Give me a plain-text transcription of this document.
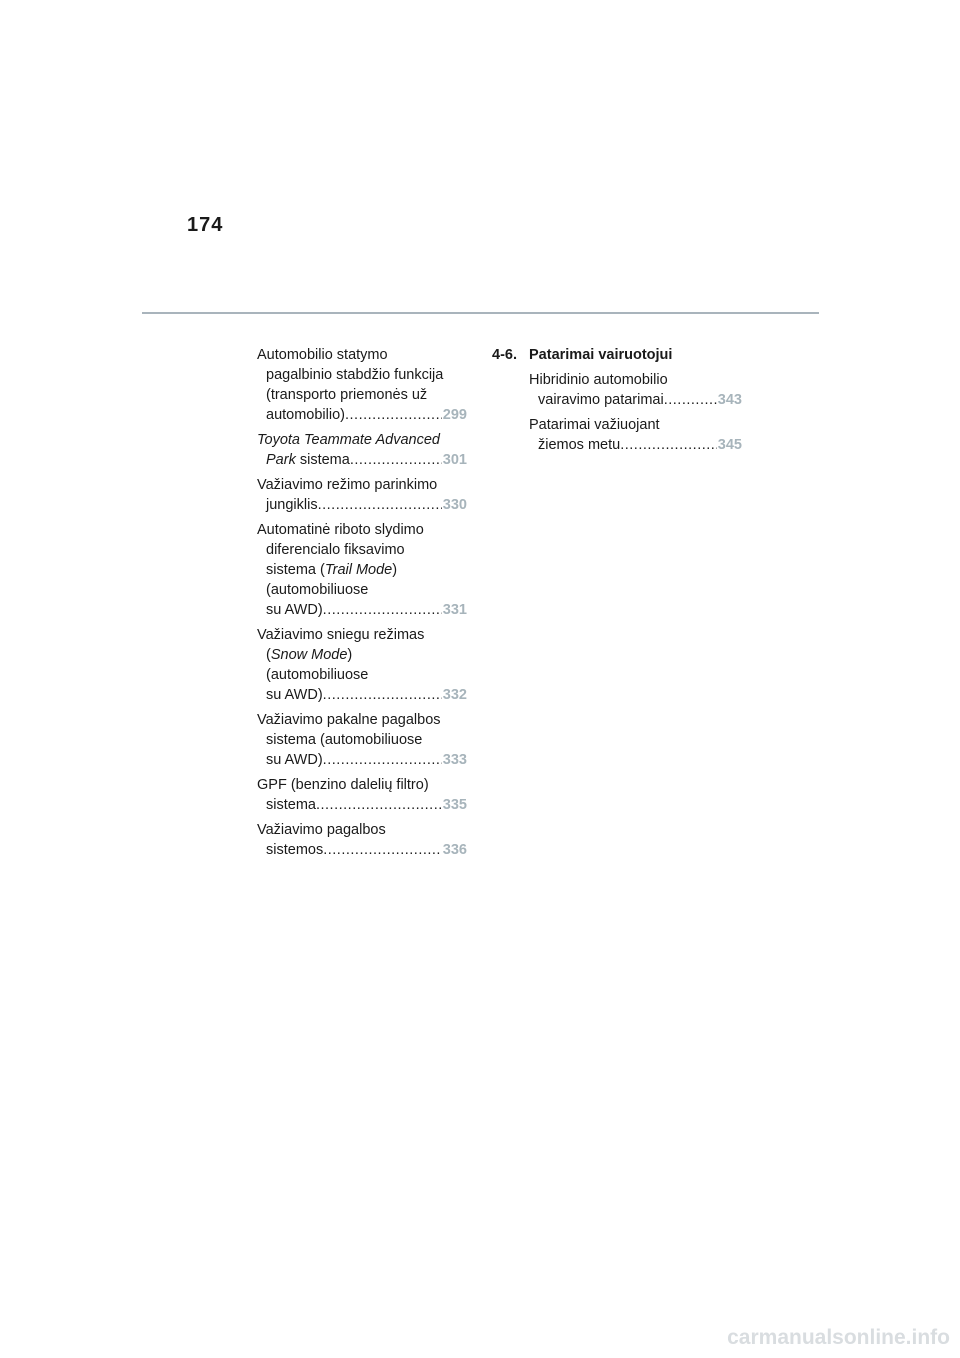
174
Automobilio statymo
pagalbinio stabdžio funkcija
(transporto priemonės už
automobilio) .....	299
Toyota Teammate Advanced
Park sistema .....	301
Važiavimo režimo parinkimo
jungiklis .....	330
Automatinė riboto slydimo
diferencialo fiksavimo
sistema (Trail Mode)
(automobiliuose
su AWD) .....	331
Važiavimo sniegu režimas
(Snow Mode)
(automobiliuose
su AWD) .....	332
Važiavimo pakalne pagalbos
sistema (automobiliuose
su AWD) .....	333
GPF (benzino dalelių filtro)
sistema .....	335
Važiavimo pagalbos
sistemos .....	336
4-6. Patarimai vairuotojui
Hibridinio automobilio
vairavimo patarimai .....	343
Patarimai važiuojant
žiemos metu .....	345
carmanualsonline.info
